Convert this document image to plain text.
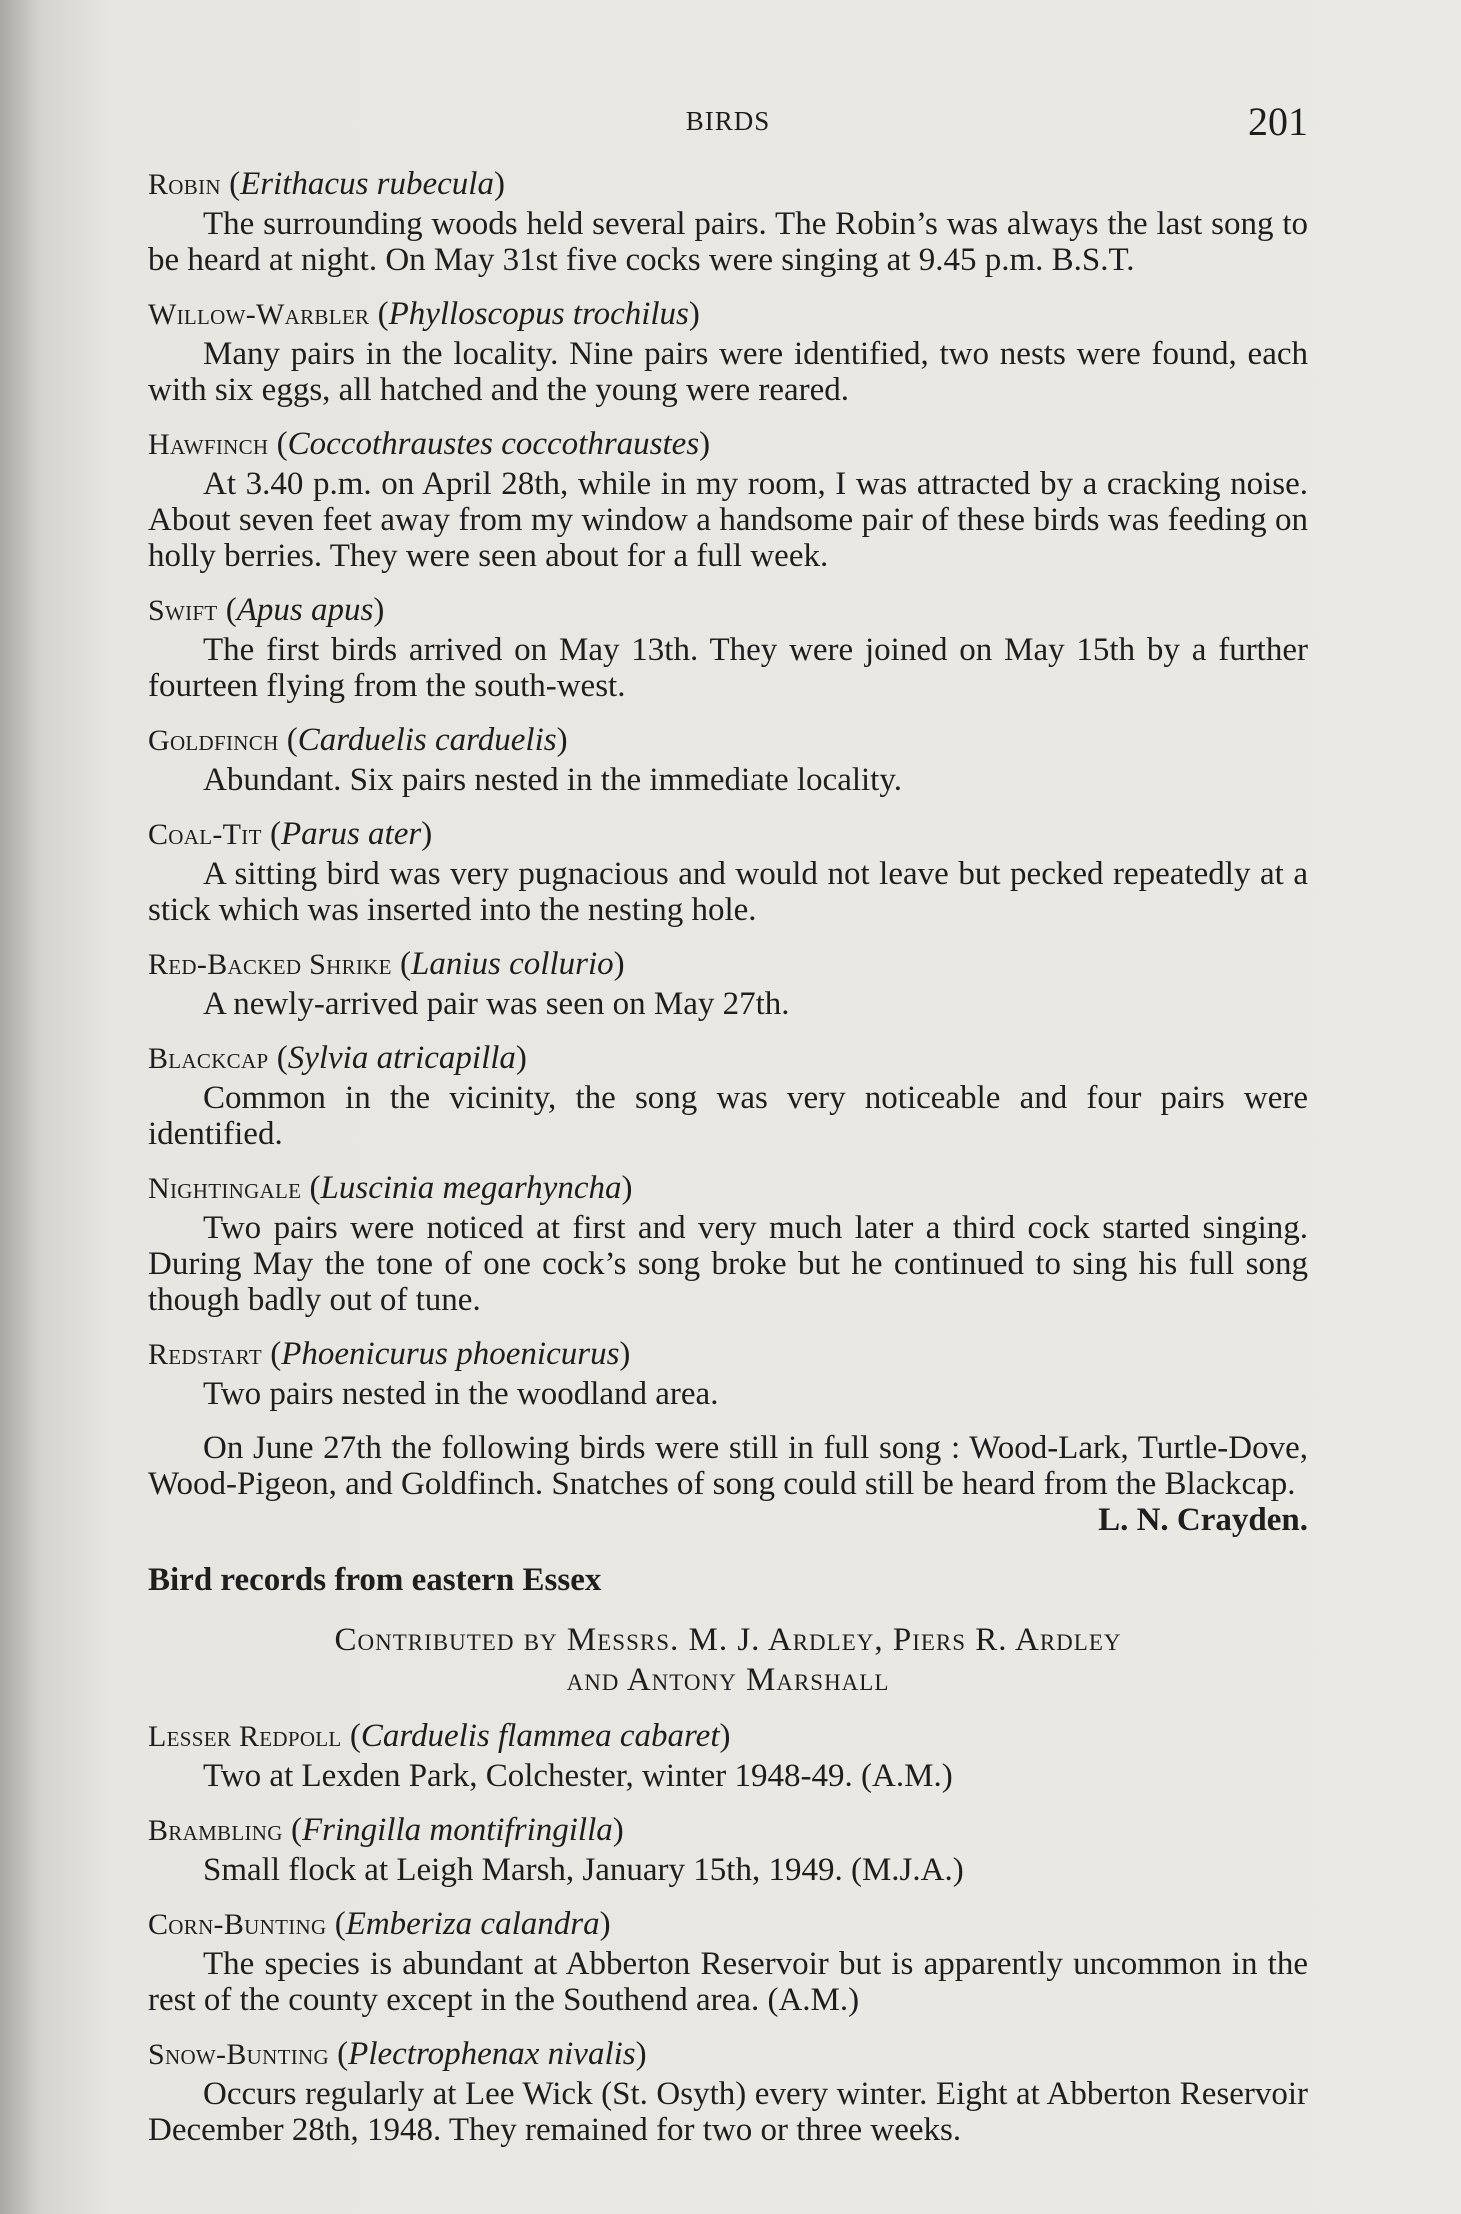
BIRDS	201

Robin (Erithacus rubecula)

The surrounding woods held several pairs. The Robin’s was always the last song to be heard at night. On May 31st five cocks were singing at 9.45 p.m. B.S.T.

Willow-Warbler (Phylloscopus trochilus)

Many pairs in the locality. Nine pairs were identified, two nests were found, each with six eggs, all hatched and the young were reared.

Hawfinch (Coccothraustes coccothraustes)

At 3.40 p.m. on April 28th, while in my room, I was attracted by a cracking noise. About seven feet away from my window a handsome pair of these birds was feeding on holly berries. They were seen about for a full week.

Swift (Apus apus)

The first birds arrived on May 13th. They were joined on May 15th by a further fourteen flying from the south-west.

Goldfinch (Carduelis carduelis)

Abundant. Six pairs nested in the immediate locality.

Coal-Tit (Parus ater)

A sitting bird was very pugnacious and would not leave but pecked repeatedly at a stick which was inserted into the nesting hole.

Red-Backed Shrike (Lanius collurio)

A newly-arrived pair was seen on May 27th.

Blackcap (Sylvia atricapilla)

Common in the vicinity, the song was very noticeable and four pairs were identified.

Nightingale (Luscinia megarhyncha)

Two pairs were noticed at first and very much later a third cock started singing. During May the tone of one cock’s song broke but he continued to sing his full song though badly out of tune.

Redstart (Phoenicurus phoenicurus)

Two pairs nested in the woodland area.

On June 27th the following birds were still in full song : Wood-Lark, Turtle-Dove, Wood-Pigeon, and Goldfinch. Snatches of song could still be heard from the Blackcap.

L. N. Crayden.

Bird records from eastern Essex

Contributed by Messrs. M. J. Ardley, Piers R. Ardley
and Antony Marshall

Lesser Redpoll (Carduelis flammea cabaret)

Two at Lexden Park, Colchester, winter 1948-49. (A.M.)

Brambling (Fringilla montifringilla)

Small flock at Leigh Marsh, January 15th, 1949. (M.J.A.)

Corn-Bunting (Emberiza calandra)

The species is abundant at Abberton Reservoir but is apparently uncommon in the rest of the county except in the Southend area. (A.M.)

Snow-Bunting (Plectrophenax nivalis)

Occurs regularly at Lee Wick (St. Osyth) every winter. Eight at Abberton Reservoir December 28th, 1948. They remained for two or three weeks.
